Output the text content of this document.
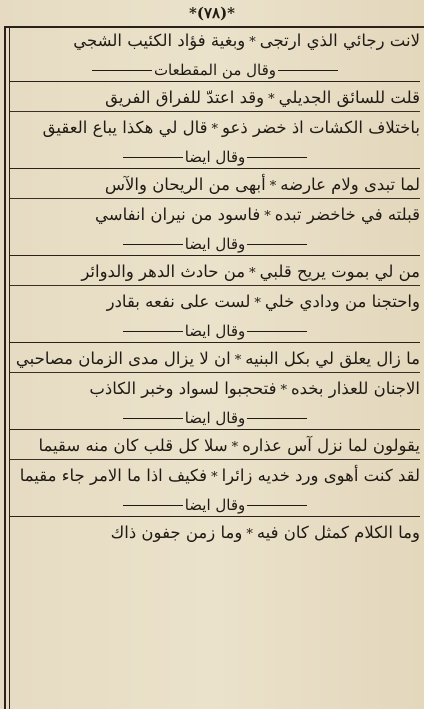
*(٧٨)*
لانت رجائي الذي ارتجى*وبغية فؤاد الكئيب الشجي
وقال من المقطعات
قلت للسائق الجديلي*وقد اعتدّ للفراق الفريق
باختلاف الكشات اذ خضر ذعو*قال لي هكذا يباع العقيق
وقال ايضا
لما تبدى ولام عارضه*أبهى من الريحان والآس
قبلته في خاخضر تبده*فاسود من نيران انفاسي
وقال ايضا
من لي بموت يريح قلبي*من حادث الدهر والدوائر
واحتجنا من ودادي خلي*لست على نفعه بقادر
وقال ايضا
ما زال يعلق لي بكل البنيه*ان لا يزال مدى الزمان مصاحبي
الاجنان للعذار بخده*فتحجبوا لسواد وخبر الكاذب
وقال ايضا
يقولون لما نزل آس عذاره*سلا كل قلب كان منه سقيما
لقد كنت أهوى ورد خديه زائرا*فكيف اذا ما الامر جاء مقيما
وقال ايضا
وما الكلام كمثل كان فيه*وما زمن جفون ذاك
